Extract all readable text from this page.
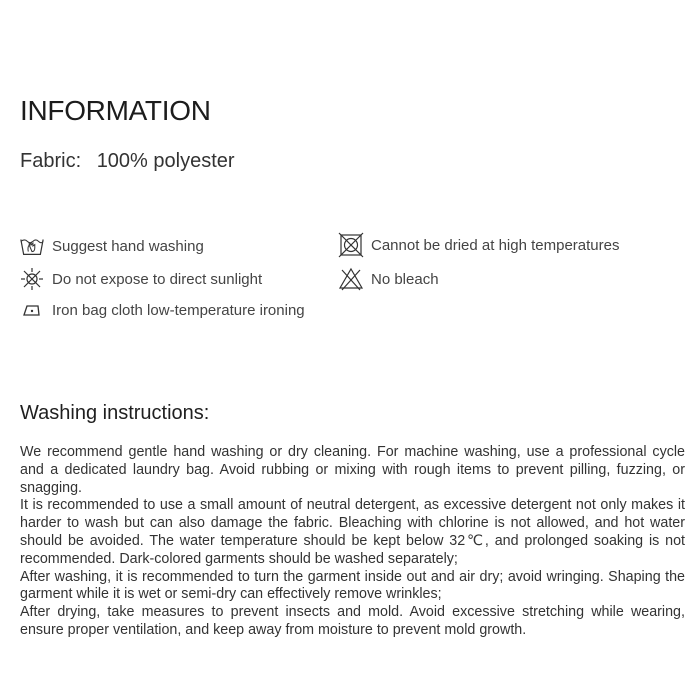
INFORMATION
Fabric: 100% polyester
Suggest hand washing
Do not expose to direct sunlight
Iron bag cloth low-temperature ironing
Cannot be dried at high temperatures
No bleach
Washing instructions:

We recommend gentle hand washing or dry cleaning. For machine washing, use a professional cycle and a dedicated laundry bag. Avoid rubbing or mixing with rough items to prevent pilling, fuzzing, or snagging.

It is recommended to use a small amount of neutral detergent, as excessive detergent not only makes it harder to wash but can also damage the fabric. Bleaching with chlorine is not allowed, and hot water should be avoided. The water temperature should be kept below 32℃, and prolonged soaking is not recommended. Dark-colored garments should be washed separately;

After washing, it is recommended to turn the garment inside out and air dry; avoid wringing. Shaping the garment while it is wet or semi-dry can effectively remove wrinkles;

After drying, take measures to prevent insects and mold. Avoid excessive stretching while wearing, ensure proper ventilation, and keep away from moisture to prevent mold growth.
